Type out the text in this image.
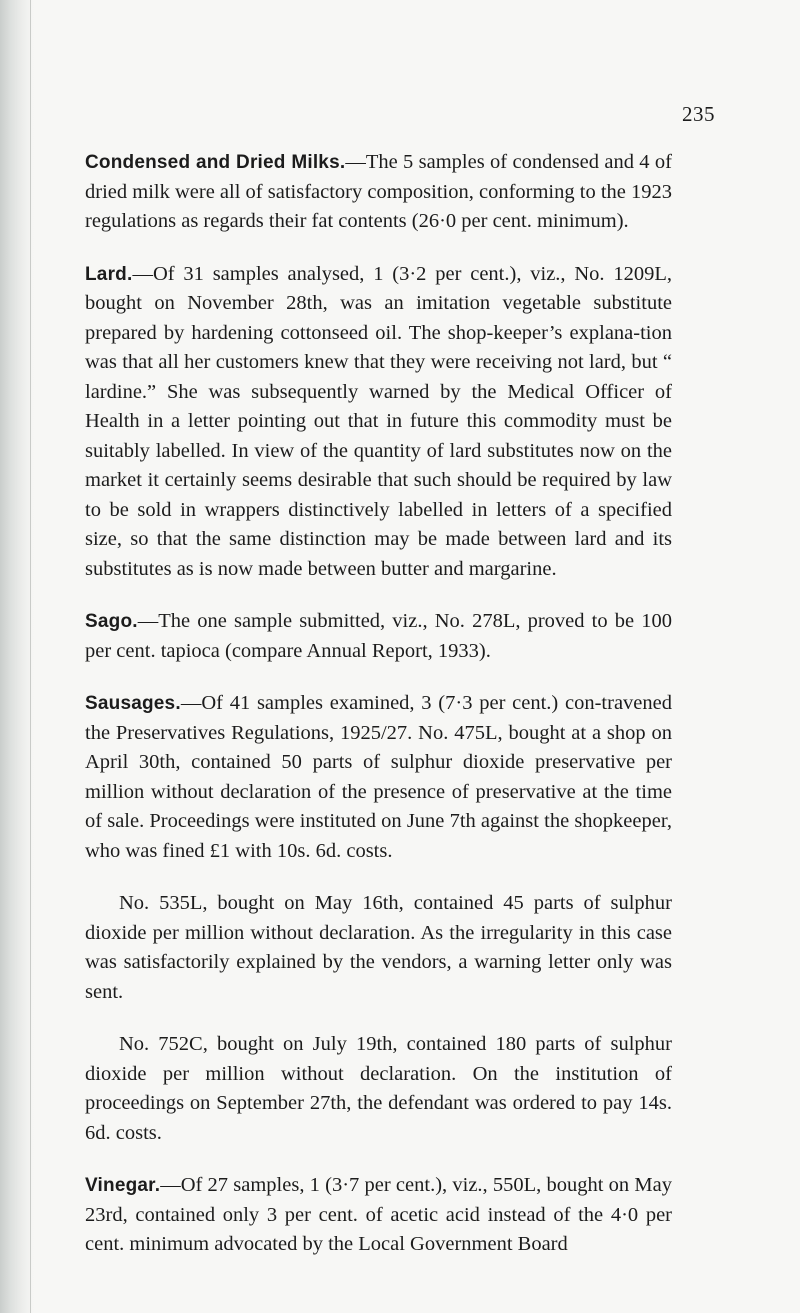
235

Condensed and Dried Milks.—The 5 samples of condensed and 4 of dried milk were all of satisfactory composition, conforming to the 1923 regulations as regards their fat contents (26·0 per cent. minimum).

Lard.—Of 31 samples analysed, 1 (3·2 per cent.), viz., No. 1209L, bought on November 28th, was an imitation vegetable substitute prepared by hardening cottonseed oil. The shop-keeper’s explana-tion was that all her customers knew that they were receiving not lard, but “ lardine.” She was subsequently warned by the Medical Officer of Health in a letter pointing out that in future this commodity must be suitably labelled. In view of the quantity of lard substitutes now on the market it certainly seems desirable that such should be required by law to be sold in wrappers distinctively labelled in letters of a specified size, so that the same distinction may be made between lard and its substitutes as is now made between butter and margarine.

Sago.—The one sample submitted, viz., No. 278L, proved to be 100 per cent. tapioca (compare Annual Report, 1933).

Sausages.—Of 41 samples examined, 3 (7·3 per cent.) con-travened the Preservatives Regulations, 1925/27. No. 475L, bought at a shop on April 30th, contained 50 parts of sulphur dioxide preservative per million without declaration of the presence of preservative at the time of sale. Proceedings were instituted on June 7th against the shopkeeper, who was fined £1 with 10s. 6d. costs.

No. 535L, bought on May 16th, contained 45 parts of sulphur dioxide per million without declaration. As the irregularity in this case was satisfactorily explained by the vendors, a warning letter only was sent.

No. 752C, bought on July 19th, contained 180 parts of sulphur dioxide per million without declaration. On the institution of proceedings on September 27th, the defendant was ordered to pay 14s. 6d. costs.

Vinegar.—Of 27 samples, 1 (3·7 per cent.), viz., 550L, bought on May 23rd, contained only 3 per cent. of acetic acid instead of the 4·0 per cent. minimum advocated by the Local Government Board
